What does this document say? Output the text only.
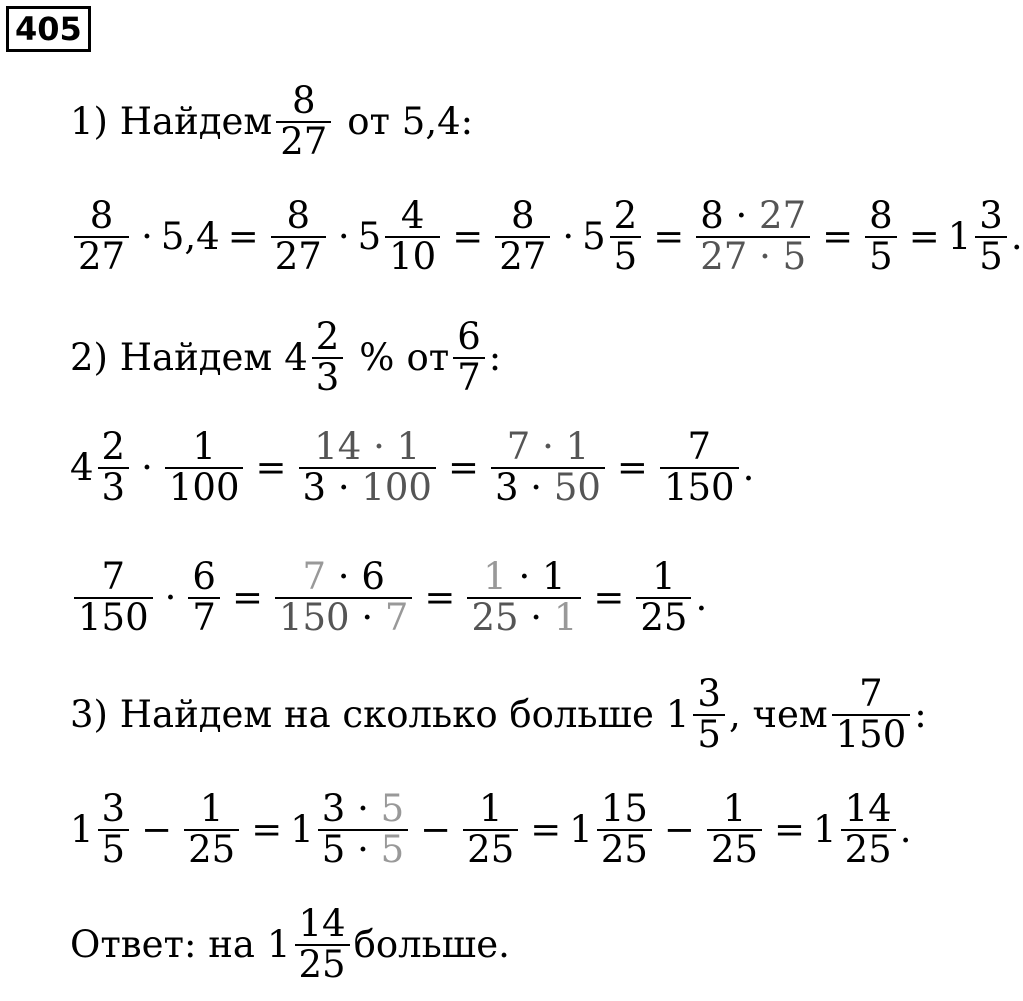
405
1) Найдем $\frac{8}{27}$ от 5,4:
$\frac{8}{27} \cdot 5,4 = \frac{8}{27} \cdot 5 \frac{4}{10} = \frac{8}{27} \cdot 5 \frac{2}{5} = \frac{8 \cdot 27}{27 \cdot 5} = \frac{8}{5} = 1 \frac{3}{5}$ .
2) Найдем $4 \frac{2}{3}$ % от $\frac{6}{7}$ :
$4 \frac{2}{3} \cdot \frac{1}{100} = \frac{14 \cdot 1}{3 \cdot 100} = \frac{7 \cdot 1}{3 \cdot 50} = \frac{7}{150}$ .
$\frac{7}{150} \cdot \frac{6}{7} = \frac{7 \cdot 6}{150 \cdot 7} = \frac{1 \cdot 1}{25 \cdot 1} = \frac{1}{25}$ .
3) Найдем на сколько больше $1 \frac{3}{5}$ , чем $\frac{7}{150}$ :
$1 \frac{3}{5} - \frac{1}{25} = 1 \frac{3 \cdot 5}{5 \cdot 5} - \frac{1}{25} = 1 \frac{15}{25} - \frac{1}{25} = 1 \frac{14}{25}$ .
Ответ: на $1 \frac{14}{25}$ больше.
